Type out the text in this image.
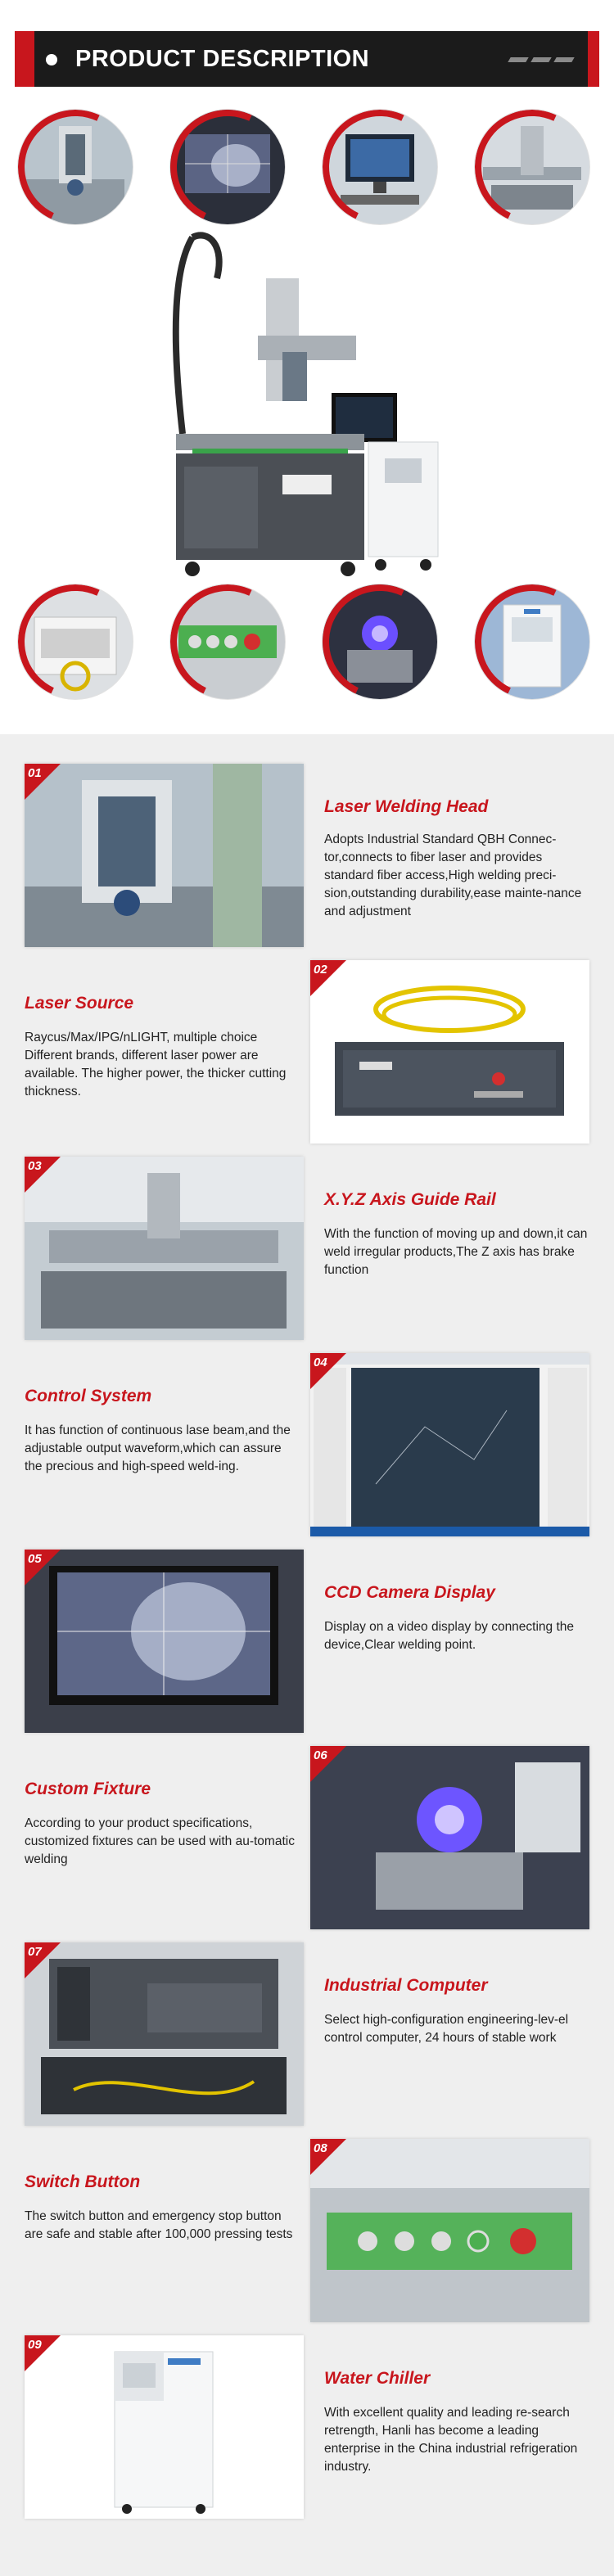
PRODUCT DESCRIPTION
01
Laser Welding Head
Adopts Industrial Standard QBH Connec-tor,connects to fiber laser and provides standard fiber access,High welding preci-sion,outstanding durability,ease mainte-nance and adjustment
Laser Source
Raycus/Max/IPG/nLIGHT, multiple choice Different brands, different laser power are available. The higher power, the thicker cutting thickness.
02
03
X.Y.Z Axis Guide Rail
With the function of moving up and down,it can weld irregular products,The Z axis has brake function
Control System
It has function of continuous lase beam,and the adjustable output waveform,which can assure the precious and high-speed weld-ing.
04
05
CCD Camera Display
Display on a video display by connecting the device,Clear welding point.
Custom Fixture
According to your product specifications, customized fixtures can be used with au-tomatic welding
06
07
Industrial Computer
Select high-configuration engineering-lev-el control computer, 24 hours of stable work
Switch Button
The switch button and emergency stop button are safe and stable after 100,000 pressing tests
08
09
Water Chiller
With excellent quality and leading re-search retrength, Hanli has become a leading enterprise in the China industrial refrigeration industry.
